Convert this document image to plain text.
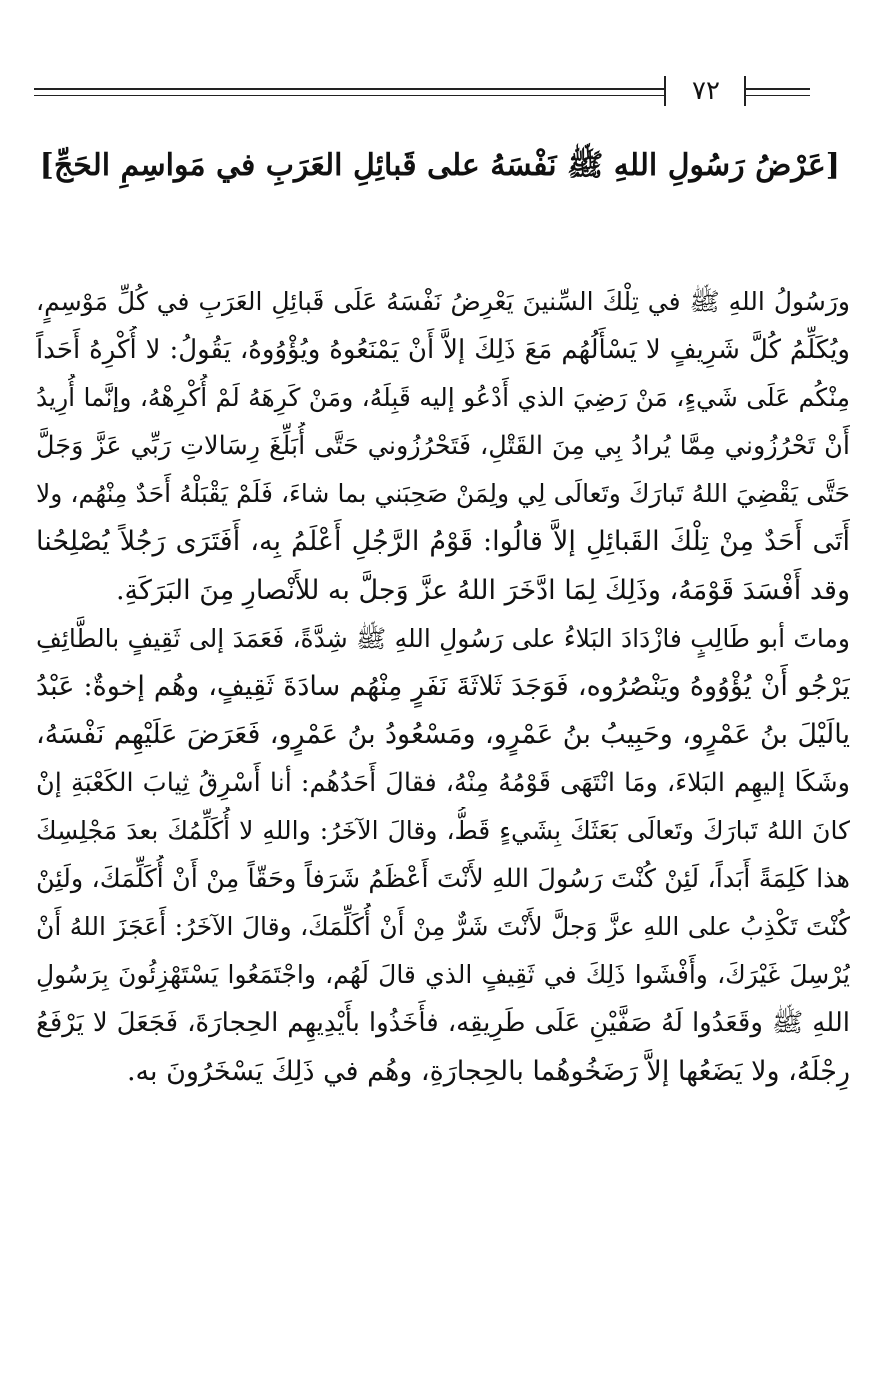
٧٢
[عَرْضُ رَسُولِ اللهِ ﷺ نَفْسَهُ على قَبائِلِ العَرَبِ في مَواسِمِ الحَجِّ]
ورَسُولُ اللهِ ﷺ في تِلْكَ السِّنينَ يَعْرِضُ نَفْسَهُ عَلَى قَبائِلِ العَرَبِ في كُلِّ مَوْسِمٍ،
ويُكَلِّمُ كُلَّ شَرِيفٍ لا يَسْأَلُهُم مَعَ ذَلِكَ إلاَّ أَنْ يَمْنَعُوهُ ويُؤْوُوهُ، يَقُولُ: لا أُكْرِهُ أَحَداً
مِنْكُم عَلَى شَيءٍ، مَنْ رَضِيَ الذي أَدْعُو إليه قَبِلَهُ، ومَنْ كَرِهَهُ لَمْ أُكْرِهْهُ، وإنَّما أُرِيدُ
أَنْ تَحْرُزُوني مِمَّا يُرادُ بِي مِنَ القَتْلِ، فَتَحْرُزُوني حَتَّى أُبَلِّغَ رِسَالاتِ رَبِّي عَزَّ وَجَلَّ
حَتَّى يَقْضِيَ اللهُ تَبارَكَ وتَعالَى لِي ولِمَنْ صَحِبَني بما شاءَ، فَلَمْ يَقْبَلْهُ أَحَدٌ مِنْهُم، ولا
أَتَى أَحَدٌ مِنْ تِلْكَ القَبائِلِ إلاَّ قالُوا: قَوْمُ الرَّجُلِ أَعْلَمُ بِه، أَفَتَرَى رَجُلاً يُصْلِحُنا
وقد أَفْسَدَ قَوْمَهُ، وذَلِكَ لِمَا ادَّخَرَ اللهُ عزَّ وَجلَّ به للأَنْصارِ مِنَ البَرَكَةِ.
وماتَ أبو طَالِبٍ فازْدَادَ البَلاءُ على رَسُولِ اللهِ ﷺ شِدَّةً، فَعَمَدَ إلى ثَقِيفٍ بالطَّائِفِ
يَرْجُو أَنْ يُؤْوُوهُ ويَنْصُرُوه، فَوَجَدَ ثَلاثَةَ نَفَرٍ مِنْهُم سادَةَ ثَقِيفٍ، وهُم إخوةٌ: عَبْدُ
يالَيْلَ بنُ عَمْرٍو، وحَبِيبُ بنُ عَمْرٍو، ومَسْعُودُ بنُ عَمْرٍو، فَعَرَضَ عَلَيْهِم نَفْسَهُ،
وشَكَا إليهِم البَلاءَ، ومَا انْتَهَى قَوْمُهُ مِنْهُ، فقالَ أَحَدُهُم: أنا أَسْرِقُ ثِيابَ الكَعْبَةِ إنْ
كانَ اللهُ تَبارَكَ وتَعالَى بَعَثَكَ بِشَيءٍ قَطُّ، وقالَ الآخَرُ: واللهِ لا أُكَلِّمُكَ بعدَ مَجْلِسِكَ
هذا كَلِمَةً أَبَداً، لَئِنْ كُنْتَ رَسُولَ اللهِ لأَنْتَ أَعْظَمُ شَرَفاً وحَقّاً مِنْ أَنْ أُكَلِّمَكَ، ولَئِنْ
كُنْتَ تَكْذِبُ على اللهِ عزَّ وَجلَّ لأَنْتَ شَرٌّ مِنْ أَنْ أُكَلِّمَكَ، وقالَ الآخَرُ: أَعَجَزَ اللهُ أَنْ
يُرْسِلَ غَيْرَكَ، وأَفْشَوا ذَلِكَ في ثَقِيفٍ الذي قالَ لَهُم، واجْتَمَعُوا يَسْتَهْزِئُونَ بِرَسُولِ
اللهِ ﷺ وقَعَدُوا لَهُ صَفَّيْنِ عَلَى طَرِيقِه، فأَخَذُوا بأَيْدِيهِم الحِجارَةَ، فَجَعَلَ لا يَرْفَعُ
رِجْلَهُ، ولا يَضَعُها إلاَّ رَضَخُوهُما بالحِجارَةِ، وهُم في ذَلِكَ يَسْخَرُونَ به.
